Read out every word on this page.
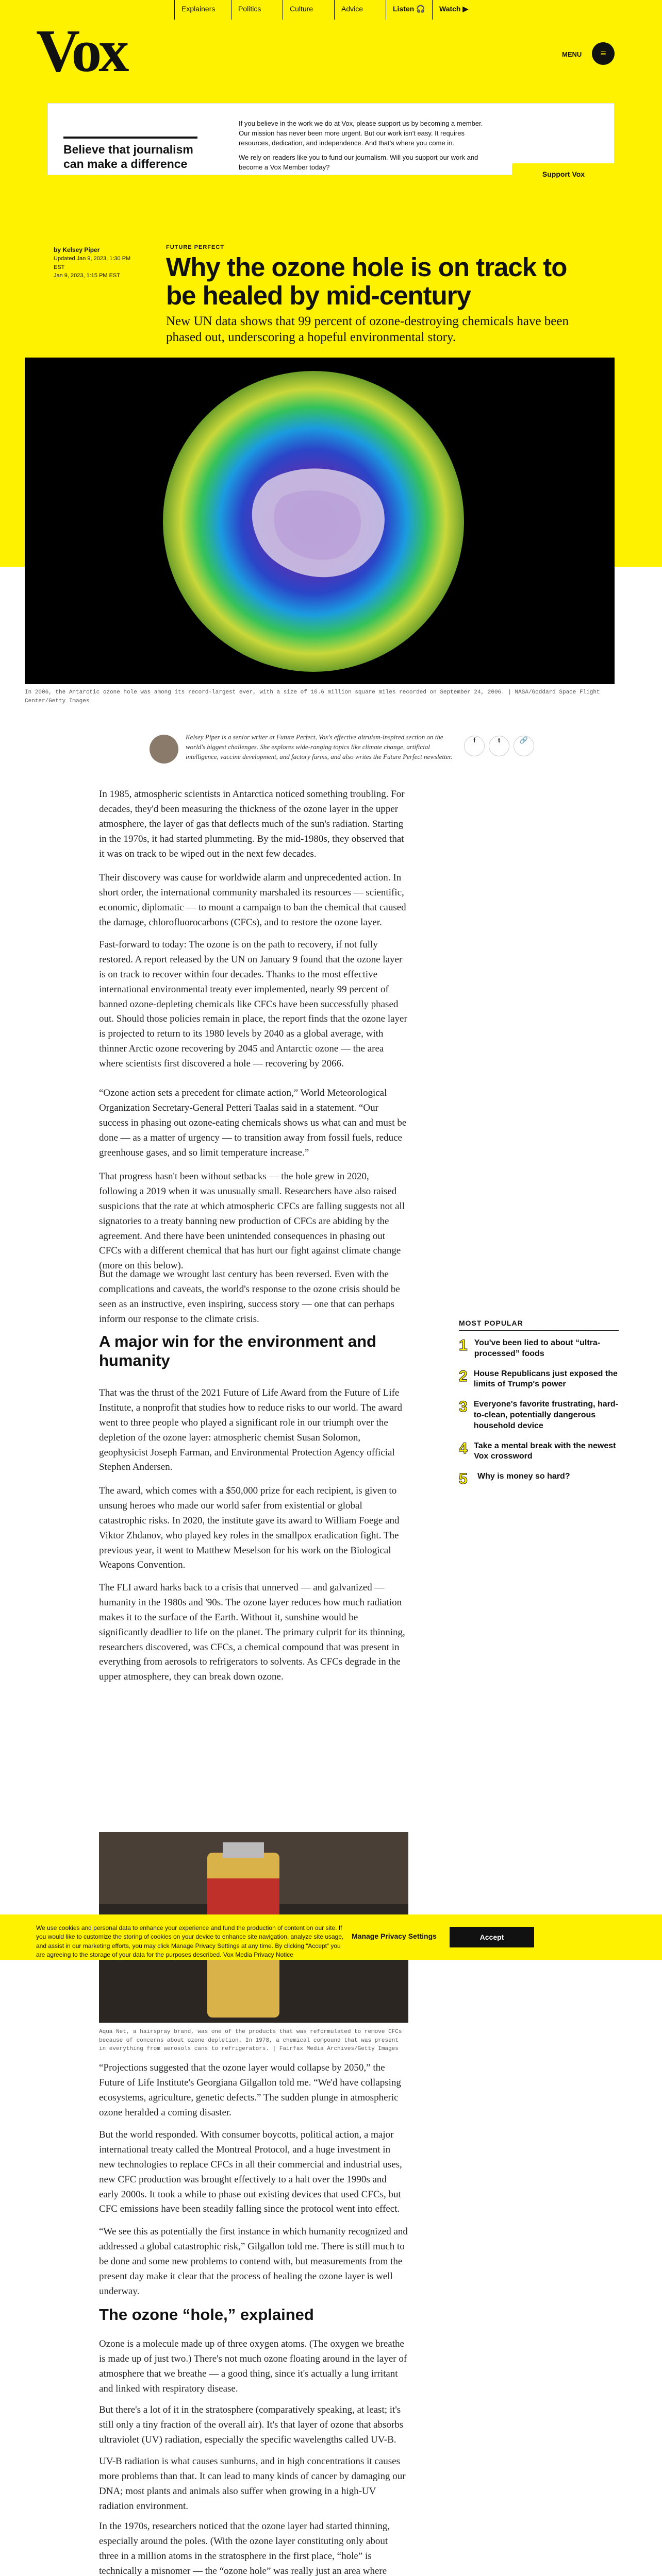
Explainers	Politics	Culture	Advice	Listen 🎧 Watch ▶
Vox	MENU	≡
Believe that journalism can make a difference
If you believe in the work we do at Vox, please support us by becoming a member. Our mission has never been more urgent. But our work isn't easy. It requires resources, dedication, and independence. And that's where you come in.
We rely on readers like you to fund our journalism. Will you support our work and become a Vox Member today?
Support Vox
by Kelsey Piper
Updated Jan 9, 2023, 1:30 PM EST
Jan 9, 2023, 1:15 PM EST
FUTURE PERFECT
Why the ozone hole is on track to be healed by mid-century
New UN data shows that 99 percent of ozone-destroying chemicals have been phased out, underscoring a hopeful environmental story.
In 2006, the Antarctic ozone hole was among its record-largest ever, with a size of 10.6 million square miles recorded on September 24, 2006. | NASA/Goddard Space Flight Center/Getty Images
Kelsey Piper is a senior writer at Future Perfect, Vox's effective altruism-inspired section on the world's biggest challenges. She explores wide-ranging topics like climate change, artificial intelligence, vaccine development, and factory farms, and also writes the Future Perfect newsletter.
f	t	🔗

In 1985, atmospheric scientists in Antarctica noticed something troubling. For decades, they'd been measuring the thickness of the ozone layer in the upper atmosphere, the layer of gas that deflects much of the sun's radiation. Starting in the 1970s, it had started plummeting. By the mid-1980s, they observed that it was on track to be wiped out in the next few decades.

Their discovery was cause for worldwide alarm and unprecedented action. In short order, the international community marshaled its resources — scientific, economic, diplomatic — to mount a campaign to ban the chemical that caused the damage, chlorofluorocarbons (CFCs), and to restore the ozone layer.

Fast-forward to today: The ozone is on the path to recovery, if not fully restored. A report released by the UN on January 9 found that the ozone layer is on track to recover within four decades. Thanks to the most effective international environmental treaty ever implemented, nearly 99 percent of banned ozone-depleting chemicals like CFCs have been successfully phased out. Should those policies remain in place, the report finds that the ozone layer is projected to return to its 1980 levels by 2040 as a global average, with thinner Arctic ozone recovering by 2045 and Antarctic ozone — the area where scientists first discovered a hole — recovering by 2066.

“Ozone action sets a precedent for climate action,” World Meteorological Organization Secretary-General Petteri Taalas said in a statement. “Our success in phasing out ozone-eating chemicals shows us what can and must be done — as a matter of urgency — to transition away from fossil fuels, reduce greenhouse gases, and so limit temperature increase.”

That progress hasn't been without setbacks — the hole grew in 2020, following a 2019 when it was unusually small. Researchers have also raised suspicions that the rate at which atmospheric CFCs are falling suggests not all signatories to a treaty banning new production of CFCs are abiding by the agreement. And there have been unintended consequences in phasing out CFCs with a different chemical that has hurt our fight against climate change (more on this below).

But the damage we wrought last century has been reversed. Even with the complications and caveats, the world's response to the ozone crisis should be seen as an instructive, even inspiring, success story — one that can perhaps inform our response to the climate crisis.

A major win for the environment and humanity

That was the thrust of the 2021 Future of Life Award from the Future of Life Institute, a nonprofit that studies how to reduce risks to our world. The award went to three people who played a significant role in our triumph over the depletion of the ozone layer: atmospheric chemist Susan Solomon, geophysicist Joseph Farman, and Environmental Protection Agency official Stephen Andersen.

The award, which comes with a $50,000 prize for each recipient, is given to unsung heroes who made our world safer from existential or global catastrophic risks. In 2020, the institute gave its award to William Foege and Viktor Zhdanov, who played key roles in the smallpox eradication fight. The previous year, it went to Matthew Meselson for his work on the Biological Weapons Convention.

The FLI award harks back to a crisis that unnerved — and galvanized — humanity in the 1980s and '90s. The ozone layer reduces how much radiation makes it to the surface of the Earth. Without it, sunshine would be significantly deadlier to life on the planet. The primary culprit for its thinning, researchers discovered, was CFCs, a chemical compound that was present in everything from aerosols to refrigerators to solvents. As CFCs degrade in the upper atmosphere, they can break down ozone.

We use cookies and personal data to enhance your experience and fund the production of content on our site. If you would like to customize the storing of cookies on your device to enhance site navigation, analyze site usage, and assist in our marketing efforts, you may click Manage Privacy Settings at any time. By clicking “Accept” you are agreeing to the storage of your data for the purposes described. Vox Media Privacy Notice
Manage Privacy Settings	Accept
Aqua Net, a hairspray brand, was one of the products that was reformulated to remove CFCs because of concerns about ozone depletion. In 1978, a chemical compound that was present in everything from aerosols cans to refrigerators. | Fairfax Media Archives/Getty Images

“Projections suggested that the ozone layer would collapse by 2050,” the Future of Life Institute's Georgiana Gilgallon told me. “We'd have collapsing ecosystems, agriculture, genetic defects.” The sudden plunge in atmospheric ozone heralded a coming disaster.

But the world responded. With consumer boycotts, political action, a major international treaty called the Montreal Protocol, and a huge investment in new technologies to replace CFCs in all their commercial and industrial uses, new CFC production was brought effectively to a halt over the 1990s and early 2000s. It took a while to phase out existing devices that used CFCs, but CFC emissions have been steadily falling since the protocol went into effect.

“We see this as potentially the first instance in which humanity recognized and addressed a global catastrophic risk,” Gilgallon told me. There is still much to be done and some new problems to contend with, but measurements from the present day make it clear that the process of healing the ozone layer is well underway.

The ozone “hole,” explained

Ozone is a molecule made up of three oxygen atoms. (The oxygen we breathe is made up of just two.) There's not much ozone floating around in the layer of atmosphere that we breathe — a good thing, since it's actually a lung irritant and linked with respiratory disease.

But there's a lot of it in the stratosphere (comparatively speaking, at least; it's still only a tiny fraction of the overall air). It's that layer of ozone that absorbs ultraviolet (UV) radiation, especially the specific wavelengths called UV-B.

UV-B radiation is what causes sunburns, and in high concentrations it causes more problems than that. It can lead to many kinds of cancer by damaging our DNA; most plants and animals also suffer when growing in a high-UV radiation environment.

In the 1970s, researchers noticed that the ozone layer had started thinning, especially around the poles. (With the ozone layer constituting only about three in a million atoms in the stratosphere in the first place, “hole” is technically a misnomer — the “ozone hole” was really just an area where

MOST POPULAR
1 You've been lied to about “ultra-processed” foods
2 House Republicans just exposed the limits of Trump's power
3 Everyone's favorite frustrating, hard-to-clean, potentially dangerous household device
4 Take a mental break with the newest Vox crossword
5	Why is money so hard?
